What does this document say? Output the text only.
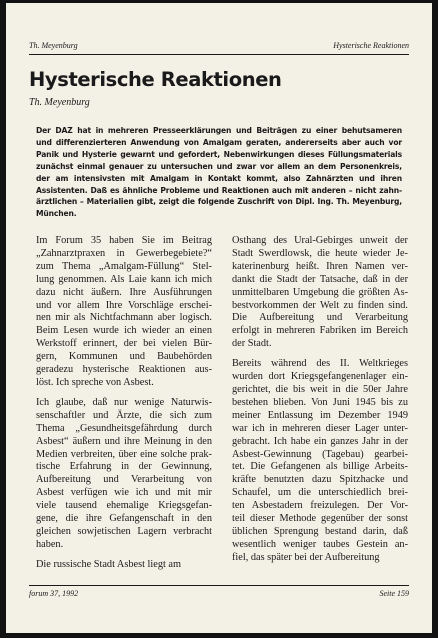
Th. Meyenburg	Hysterische Reaktionen
Hysterische Reaktionen
Th. Meyenburg
Der DAZ hat in mehreren Presseerklärungen und Beiträgen zu einer behutsameren
und differenzierteren Anwendung von Amalgam geraten, andererseits aber auch vor
Panik und Hysterie gewarnt und gefordert, Nebenwirkungen dieses Füllungsmaterials
zunächst einmal genauer zu untersuchen und zwar vor allem an dem Personenkreis,
der am intensivsten mit Amalgam in Kontakt kommt, also Zahnärzten und ihren
Assistenten. Daß es ähnliche Probleme und Reaktionen auch mit anderen – nicht zahn-
ärztlichen – Materialien gibt, zeigt die folgende Zuschrift von Dipl. Ing. Th. Meyenburg,
München.
Im Forum 35 haben Sie im Beitrag
„Zahnarztpraxen in Gewerbegebiete?“
zum Thema „Amalgam-Füllung“ Stel-
lung genommen. Als Laie kann ich mich
dazu nicht äußern. Ihre Ausführungen
und vor allem Ihre Vorschläge erschei-
nen mir als Nichtfachmann aber logisch.
Beim Lesen wurde ich wieder an einen
Werkstoff erinnert, der bei vielen Bür-
gern, Kommunen und Baubehörden
geradezu hysterische Reaktionen aus-
löst. Ich spreche von Asbest.
Ich glaube, daß nur wenige Naturwis-
senschaftler und Ärzte, die sich zum
Thema „Gesundheitsgefährdung durch
Asbest“ äußern und ihre Meinung in den
Medien verbreiten, über eine solche prak-
tische Erfahrung in der Gewinnung,
Aufbereitung und Verarbeitung von
Asbest verfügen wie ich und mit mir
viele tausend ehemalige Kriegsgefan-
gene, die ihre Gefangenschaft in den
gleichen sowjetischen Lagern verbracht
haben.
Die russische Stadt Asbest liegt am
Osthang des Ural-Gebirges unweit der
Stadt Swerdlowsk, die heute wieder Je-
katerinenburg heißt. Ihren Namen ver-
dankt die Stadt der Tatsache, daß in der
unmittelbaren Umgebung die größten As-
bestvorkommen der Welt zu finden sind.
Die Aufbereitung und Verarbeitung
erfolgt in mehreren Fabriken im Bereich
der Stadt.
Bereits während des II. Weltkrieges
wurden dort Kriegsgefangenenlager ein-
gerichtet, die bis weit in die 50er Jahre
bestehen blieben. Von Juni 1945 bis zu
meiner Entlassung im Dezember 1949
war ich in mehreren dieser Lager unter-
gebracht. Ich habe ein ganzes Jahr in der
Asbest-Gewinnung (Tagebau) gearbei-
tet. Die Gefangenen als billige Arbeits-
kräfte benutzten dazu Spitzhacke und
Schaufel, um die unterschiedlich brei-
ten Asbestadern freizulegen. Der Vor-
teil dieser Methode gegenüber der sonst
üblichen Sprengung bestand darin, daß
wesentlich weniger taubes Gestein an-
fiel, das später bei der Aufbereitung
forum 37, 1992	Seite 159
